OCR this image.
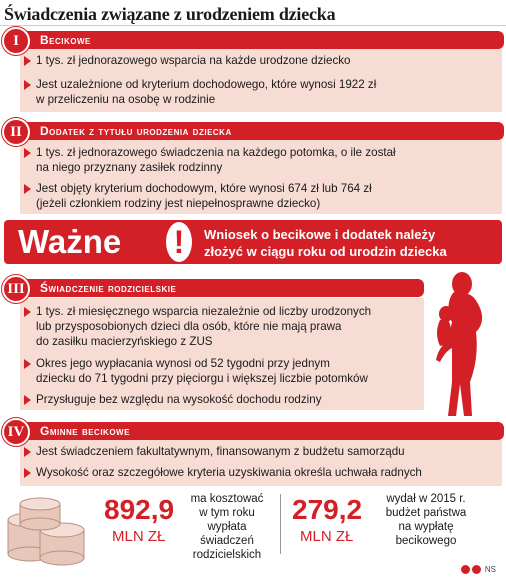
Świadczenia związane z urodzeniem dziecka
1 tys. zł jednorazowego wsparcia na każde urodzone dziecko
Jest uzależnione od kryterium dochodowego, które wynosi 1922 zł
w przeliczeniu na osobę w rodzinie
Becikowe
I
1 tys. zł jednorazowego świadczenia na każdego potomka, o ile został
na niego przyznany zasiłek rodzinny
Jest objęty kryterium dochodowym, które wynosi 674 zł lub 764 zł
(jeżeli członkiem rodziny jest niepełnosprawne dziecko)
Dodatek z tytułu urodzenia dziecka
II
Ważne !	Wniosek o becikowe i dodatek należy
złożyć w ciągu roku od urodzin dziecka
1 tys. zł miesięcznego wsparcia niezależnie od liczby urodzonych
lub przysposobionych dzieci dla osób, które nie mają prawa
do zasiłku macierzyńskiego z ZUS
Okres jego wypłacania wynosi od 52 tygodni przy jednym
dziecku do 71 tygodni przy pięciorgu i większej liczbie potomków
Przysługuje bez względu na wysokość dochodu rodziny
Świadczenie rodzicielskie
III
Jest świadczeniem fakultatywnym, finansowanym z budżetu samorządu
Wysokość oraz szczegółowe kryteria uzyskiwania określa uchwała radnych
Gminne becikowe
IV
892,9
MLN ZŁ
ma kosztować
w tym roku
wypłata
świadczeń
rodzicielskich
279,2
MLN ZŁ
wydał w 2015 r.
budżet państwa
na wypłatę
becikowego
NS
